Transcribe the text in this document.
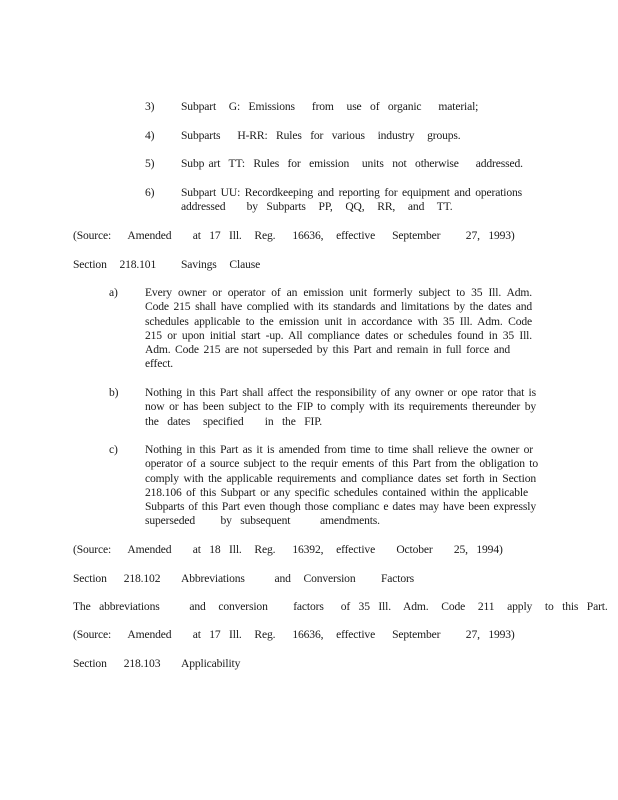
3) Subpart   G:  Emissions    from   use  of  organic    material;
4) Subparts    H-RR:  Rules  for  various   industry   groups.
5) Subp art  TT:  Rules  for  emission   units  not  otherwise    addressed.
6) Subpart UU: Recordkeeping and reporting for equipment and operations
addressed     by  Subparts   PP,   QQ,   RR,   and   TT.
(Source:    Amended     at  17  Ill.   Reg.    16636,   effective    September      27,  1993)
Section   218.101 Savings   Clause
a) Every owner or operator of an emission unit formerly subject to 35 Ill. Adm.
Code 215 shall have complied with its standards and limitations by the dates and
schedules applicable to the emission unit in accordance with 35 Ill. Adm. Code
215 or upon initial start -up. All compliance dates or schedules found in 35 Ill.
Adm. Code 215 are not superseded by this Part and remain in full force and
effect.
b) Nothing in this Part shall affect the responsibility of any owner or ope rator that is
now or has been subject to the FIP to comply with its requirements thereunder by
the  dates   specified     in  the  FIP.
c) Nothing in this Part as it is amended from time to time shall relieve the owner or
operator of a source subject to the requir ements of this Part from the obligation to
comply with the applicable requirements and compliance dates set forth in Section
218.106 of this Subpart or any specific schedules contained within the applicable
Subparts of this Part even though those complianc e dates may have been expressly
superseded      by  subsequent       amendments.
(Source:    Amended     at  18  Ill.   Reg.    16392,   effective     October     25,  1994)
Section    218.102 Abbreviations       and   Conversion      Factors
The  abbreviations       and   conversion      factors    of  35  Ill.   Adm.   Code   211   apply   to  this  Part.
(Source:    Amended     at  17  Ill.   Reg.    16636,   effective    September      27,  1993)
Section    218.103 Applicability
